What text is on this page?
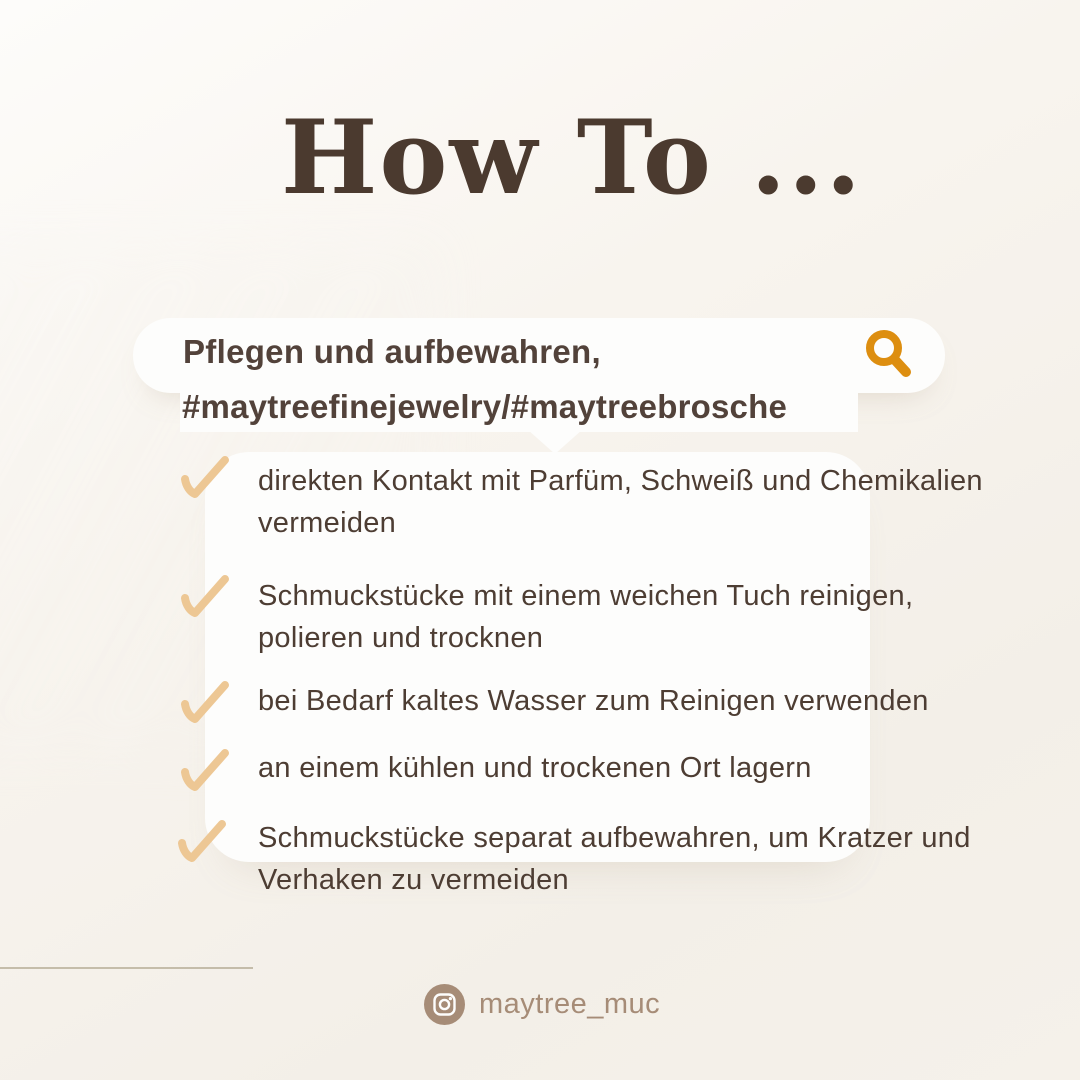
How To ...
Pflegen und aufbewahren,
#maytreefinejewelry/#maytreebrosche
direkten Kontakt mit Parfüm, Schweiß und Chemikalien
vermeiden
Schmuckstücke mit einem weichen Tuch reinigen,
polieren und trocknen
bei Bedarf kaltes Wasser zum Reinigen verwenden
an einem kühlen und trockenen Ort lagern
Schmuckstücke separat aufbewahren, um Kratzer und
Verhaken zu vermeiden
maytree_muc
